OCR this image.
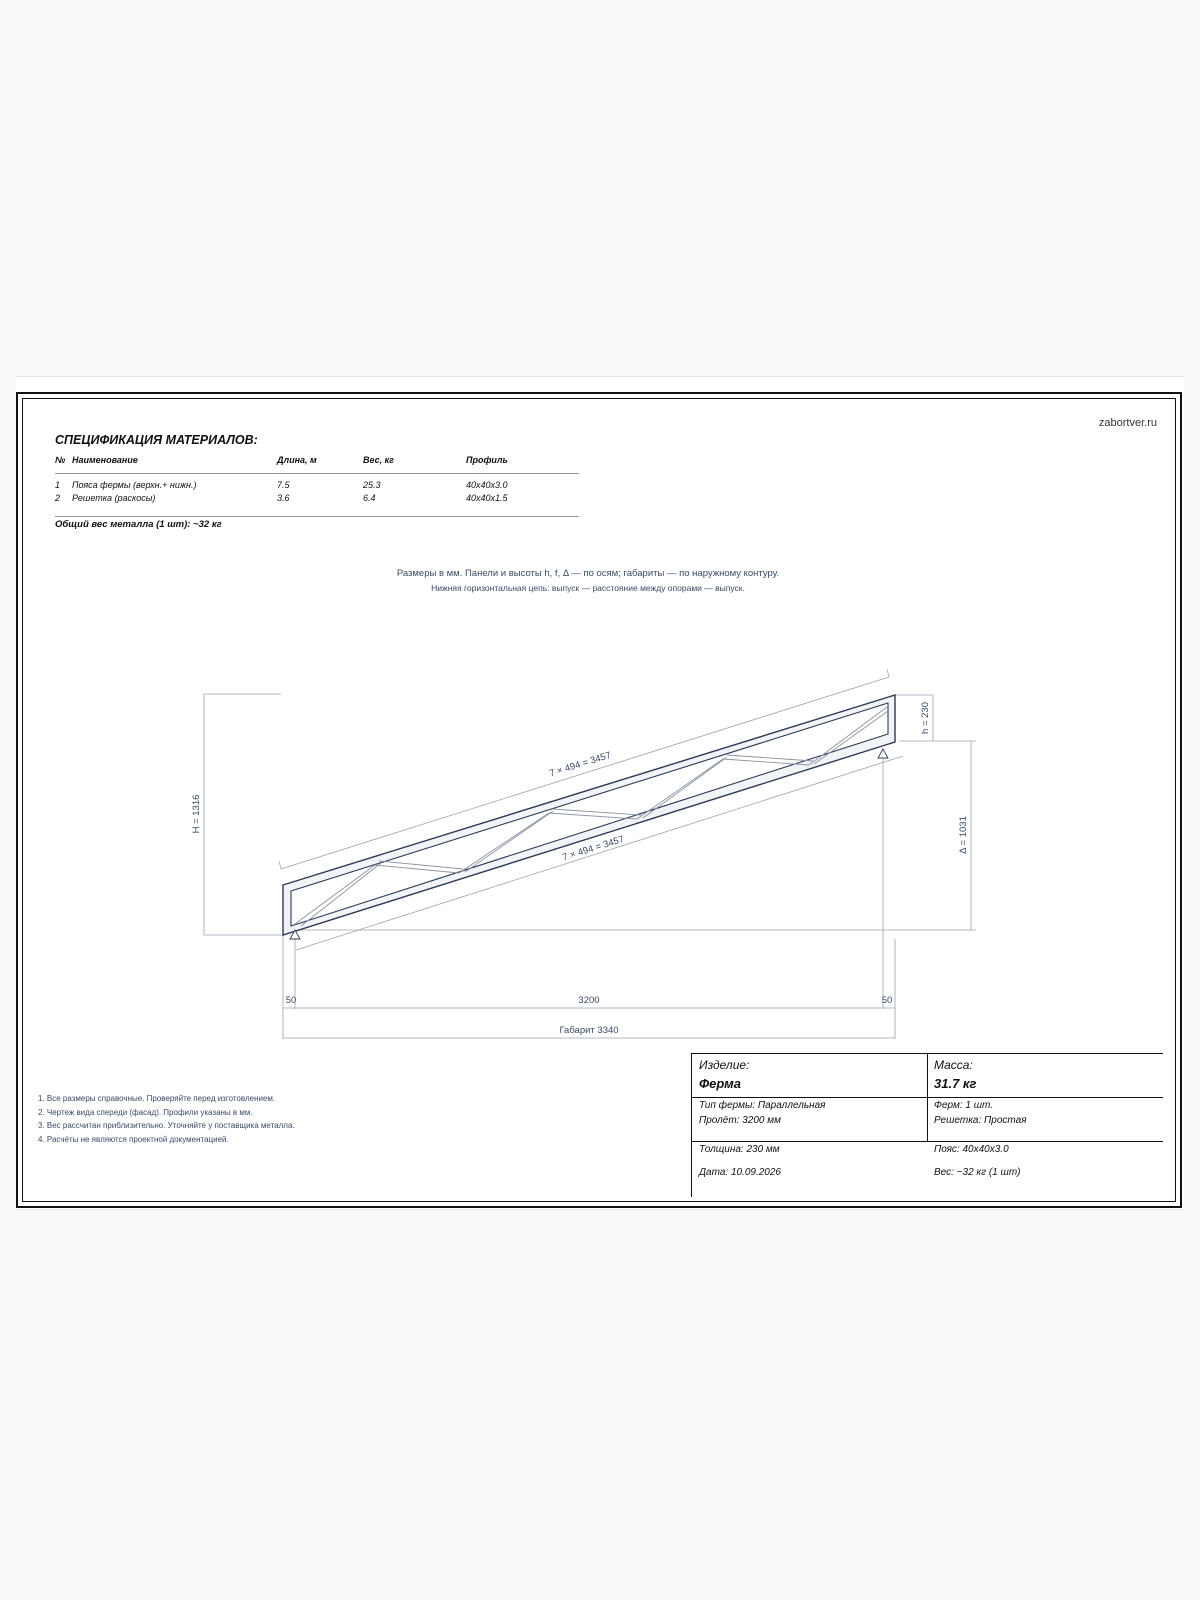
zabortver.ru
СПЕЦИФИКАЦИЯ МАТЕРИАЛОВ:
№ Наименование	Длина, м	Вес, кг	Профиль
1	Пояса фермы (верхн.+ нижн.)	7.5	25.3	40x40x3.0
2	Решетка (раскосы)	3.6	6.4	40x40x1.5
Общий вес металла (1 шт): ~32 кг
Размеры в мм. Панели и высоты h, f, Δ — по осям; габариты — по наружному контуру.
Нижняя горизонтальная цепь: выпуск — расстояние между опорами — выпуск.
H = 1316
7 × 494 = 3457
7 × 494 = 3457
h = 230
Δ = 1031
50	3200	50
Габарит 3340
1. Все размеры справочные. Проверяйте перед изготовлением.
2. Чертеж вида спереди (фасад). Профили указаны в мм.
3. Вес рассчитан приблизительно. Уточняйте у поставщика металла.
4. Расчёты не являются проектной документацией.
Изделие:
Ферма
Масса:
31.7 кг
Тип фермы: Параллельная
Пролёт: 3200 мм
Ферм: 1 шт.
Решетка: Простая
Толщина: 230 мм
Дата: 10.09.2026
Пояс: 40x40x3.0
Вес: ~32 кг (1 шт)
